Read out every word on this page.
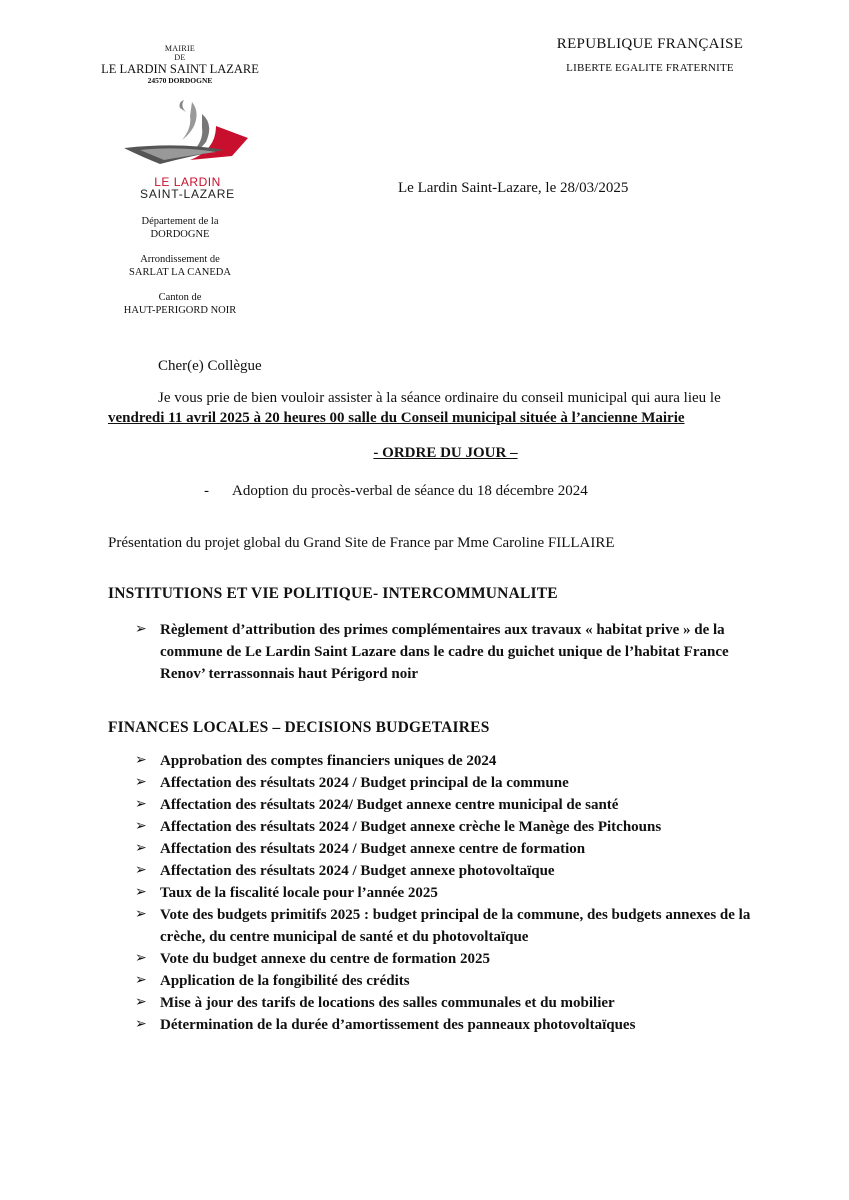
MAIRIE
DE
LE LARDIN SAINT LAZARE
24570 DORDOGNE
LE LARDIN
SAINT-LAZARE
Département de la
DORDOGNE
Arrondissement de
SARLAT LA CANEDA
Canton de
HAUT-PERIGORD NOIR
REPUBLIQUE FRANÇAISE
LIBERTE EGALITE FRATERNITE
Le Lardin Saint-Lazare, le 28/03/2025
Cher(e) Collègue
Je vous prie de bien vouloir assister à la séance ordinaire du conseil municipal qui aura lieu le
vendredi 11 avril 2025 à 20 heures 00 salle du Conseil municipal située à l’ancienne Mairie
- ORDRE DU JOUR –
- Adoption du procès-verbal de séance du 18 décembre 2024
Présentation du projet global du Grand Site de France par Mme Caroline FILLAIRE
INSTITUTIONS ET VIE POLITIQUE- INTERCOMMUNALITE
➢ Règlement d’attribution des primes complémentaires aux travaux « habitat prive » de la commune de Le Lardin Saint Lazare dans le cadre du guichet unique de l’habitat France Renov’ terrassonnais haut Périgord noir
FINANCES LOCALES – DECISIONS BUDGETAIRES
➢ Approbation des comptes financiers uniques de 2024
➢ Affectation des résultats 2024 / Budget principal de la commune
➢ Affectation des résultats 2024/ Budget annexe centre municipal de santé
➢ Affectation des résultats 2024 / Budget annexe crèche le Manège des Pitchouns
➢ Affectation des résultats 2024 / Budget annexe centre de formation
➢ Affectation des résultats 2024 / Budget annexe photovoltaïque
➢ Taux de la fiscalité locale pour l’année 2025
➢ Vote des budgets primitifs 2025 : budget principal de la commune, des budgets annexes de la crèche, du centre municipal de santé et du photovoltaïque
➢ Vote du budget annexe du centre de formation 2025
➢ Application de la fongibilité des crédits
➢ Mise à jour des tarifs de locations des salles communales et du mobilier
➢ Détermination de la durée d’amortissement des panneaux photovoltaïques
